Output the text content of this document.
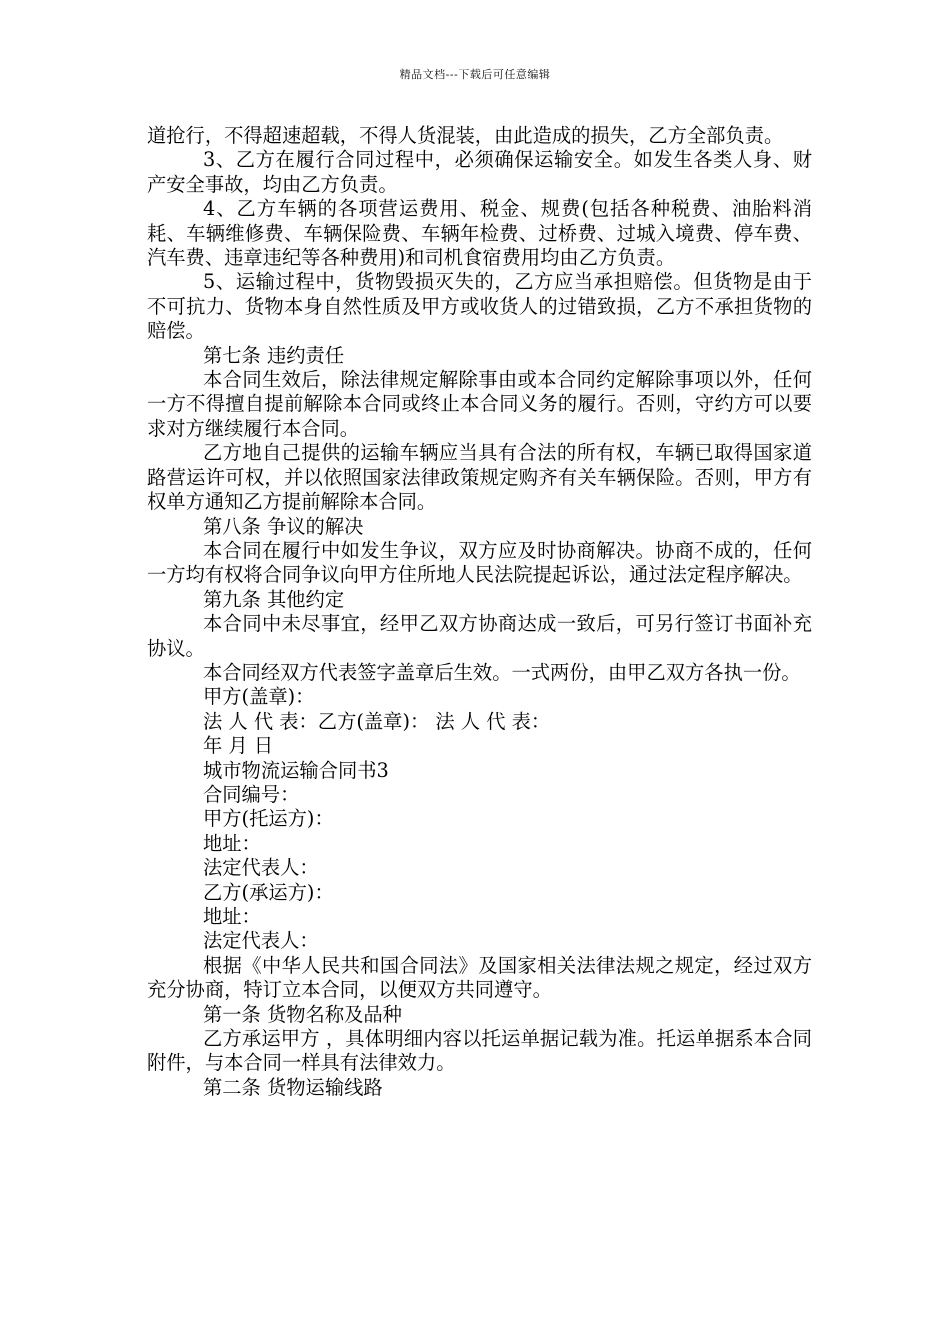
精品文档---下载后可任意编辑

道抢行，不得超速超载，不得人货混装，由此造成的损失，乙方全部负责。

3、乙方在履行合同过程中，必须确保运输安全。如发生各类人身、财产安全事故，均由乙方负责。

4、乙方车辆的各项营运费用、税金、规费(包括各种税费、油胎料消耗、车辆维修费、车辆保险费、车辆年检费、过桥费、过城入境费、停车费、汽车费、违章违纪等各种费用)和司机食宿费用均由乙方负责。

5、运输过程中，货物毁损灭失的，乙方应当承担赔偿。但货物是由于不可抗力、货物本身自然性质及甲方或收货人的过错致损，乙方不承担货物的赔偿。

第七条 违约责任

本合同生效后，除法律规定解除事由或本合同约定解除事项以外，任何一方不得擅自提前解除本合同或终止本合同义务的履行。否则，守约方可以要求对方继续履行本合同。

乙方地自己提供的运输车辆应当具有合法的所有权，车辆已取得国家道路营运许可权，并以依照国家法律政策规定购齐有关车辆保险。否则，甲方有权单方通知乙方提前解除本合同。

第八条 争议的解决

本合同在履行中如发生争议，双方应及时协商解决。协商不成的，任何一方均有权将合同争议向甲方住所地人民法院提起诉讼，通过法定程序解决。

第九条 其他约定

本合同中未尽事宜，经甲乙双方协商达成一致后，可另行签订书面补充协议。

本合同经双方代表签字盖章后生效。一式两份，由甲乙双方各执一份。

甲方(盖章)：

法 人 代 表：乙方(盖章)： 法 人 代 表：

年 月 日

城市物流运输合同书3

合同编号：

甲方(托运方)：

地址：

法定代表人：

乙方(承运方)：

地址：

法定代表人：

根据《中华人民共和国合同法》及国家相关法律法规之规定，经过双方充分协商，特订立本合同，以便双方共同遵守。

第一条 货物名称及品种

乙方承运甲方 ，具体明细内容以托运单据记载为准。托运单据系本合同附件，与本合同一样具有法律效力。

第二条 货物运输线路
